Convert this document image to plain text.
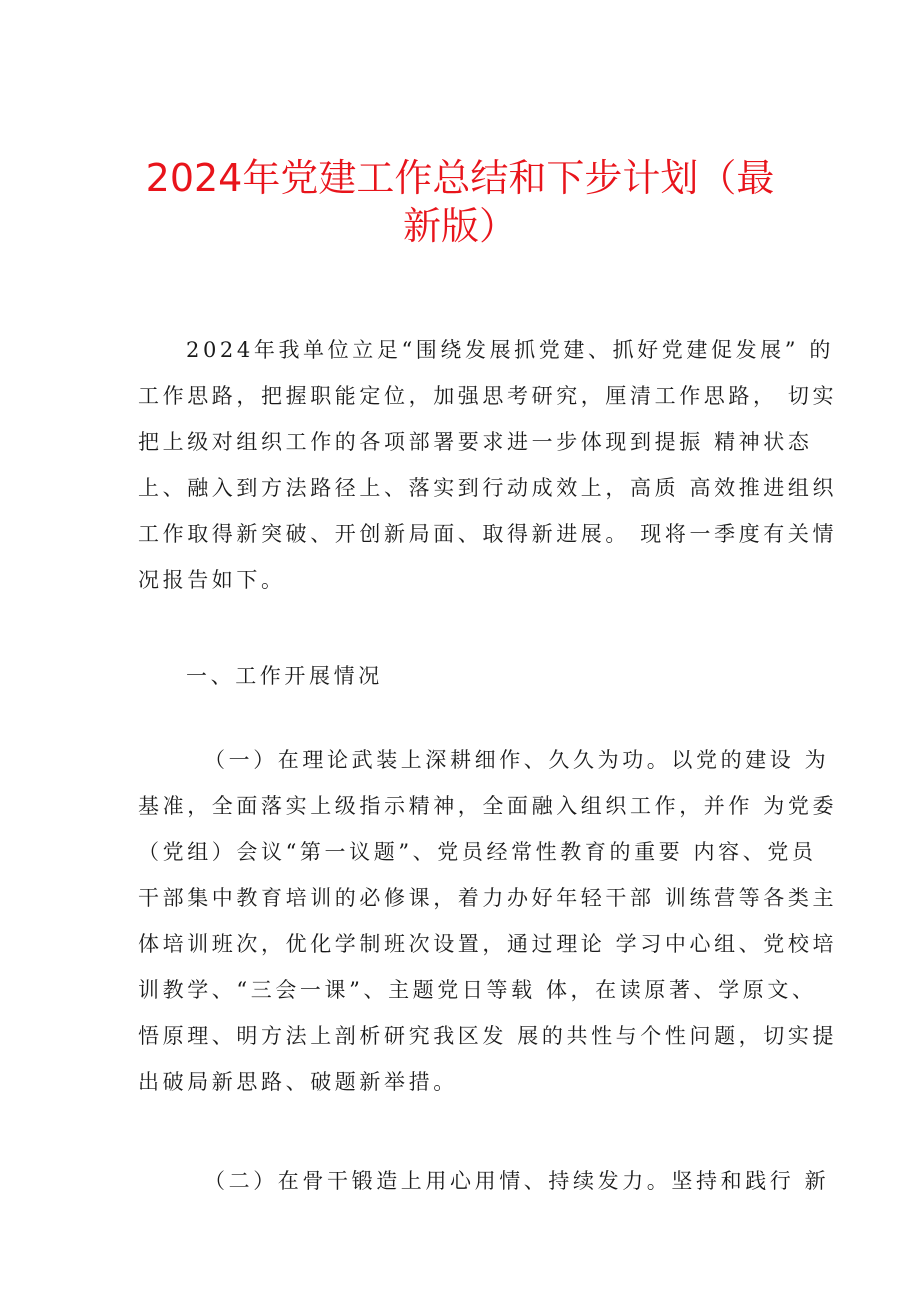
2024年党建工作总结和下步计划（最
新版）
2024年我单位立足“围绕发展抓党建、抓好党建促发展” 的
工作思路，把握职能定位，加强思考研究，厘清工作思路， 切实
把上级对组织工作的各项部署要求进一步体现到提振 精神状态
上、融入到方法路径上、落实到行动成效上，高质 高效推进组织
工作取得新突破、开创新局面、取得新进展。 现将一季度有关情
况报告如下。
一、工作开展情况
（一）在理论武装上深耕细作、久久为功。以党的建设 为
基准，全面落实上级指示精神，全面融入组织工作，并作 为党委
（党组）会议“第一议题”、党员经常性教育的重要 内容、党员
干部集中教育培训的必修课，着力办好年轻干部 训练营等各类主
体培训班次，优化学制班次设置，通过理论 学习中心组、党校培
训教学、“三会一课”、主题党日等载 体，在读原著、学原文、
悟原理、明方法上剖析研究我区发 展的共性与个性问题，切实提
出破局新思路、破题新举措。
（二）在骨干锻造上用心用情、持续发力。坚持和践行 新
